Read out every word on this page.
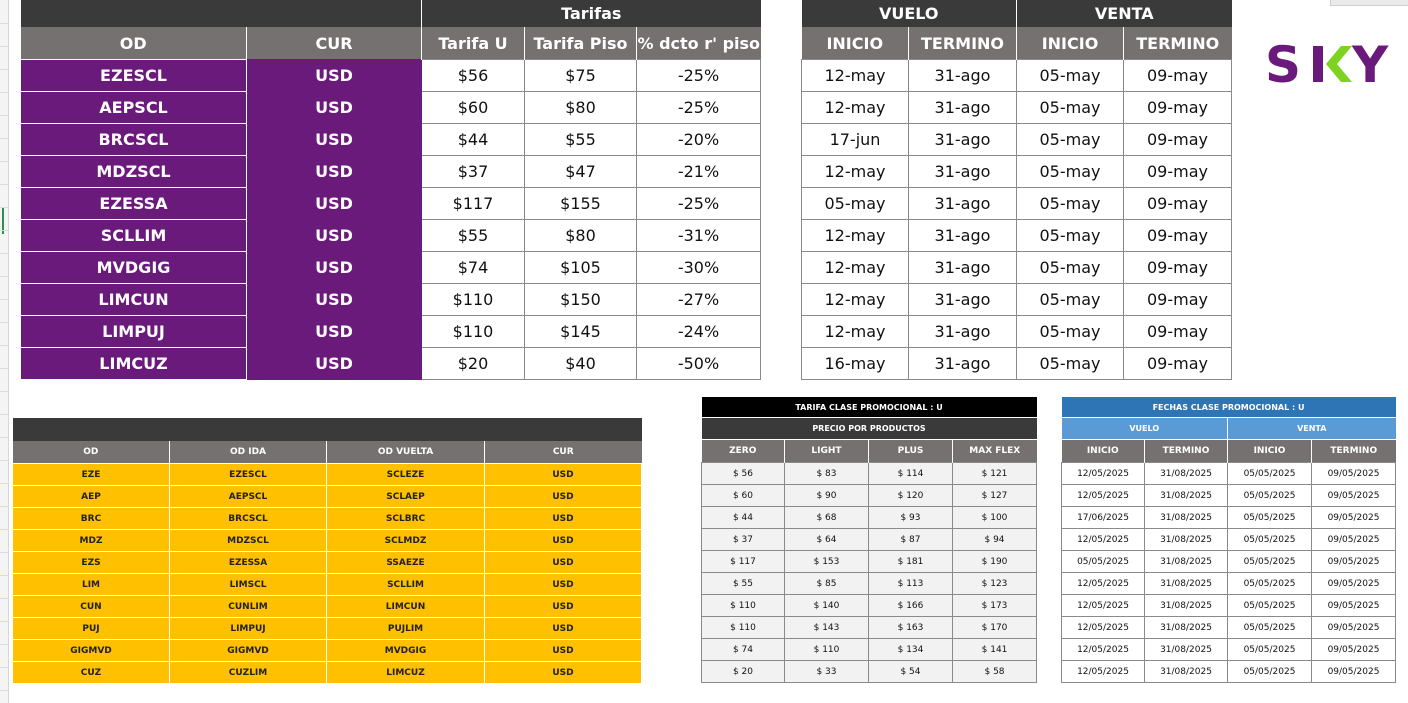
		Tarifas		
OD	CUR	Tarifa U	Tarifa Piso	% dcto r' piso
EZESCL	USD	$56	$75	-25%
AEPSCL	USD	$60	$80	-25%
BRCSCL	USD	$44	$55	-20%
MDZSCL	USD	$37	$47	-21%
EZESSA	USD	$117	$155	-25%
SCLLIM	USD	$55	$80	-31%
MVDGIG	USD	$74	$105	-30%
LIMCUN	USD	$110	$150	-27%
LIMPUJ	USD	$110	$145	-24%
LIMCUZ	USD	$20	$40	-50%
VUELO		VENTA	
INICIO	TERMINO	INICIO	TERMINO
12-may	31-ago	05-may	09-may
12-may	31-ago	05-may	09-may
17-jun	31-ago	05-may	09-may
12-may	31-ago	05-may	09-may
05-may	31-ago	05-may	09-may
12-may	31-ago	05-may	09-may
12-may	31-ago	05-may	09-may
12-may	31-ago	05-may	09-may
12-may	31-ago	05-may	09-may
16-may	31-ago	05-may	09-may
S Y

OD	OD IDA	OD VUELTA	CUR
EZE	EZESCL	SCLEZE	USD
AEP	AEPSCL	SCLAEP	USD
BRC	BRCSCL	SCLBRC	USD
MDZ	MDZSCL	SCLMDZ	USD
EZS	EZESSA	SSAEZE	USD
LIM	LIMSCL	SCLLIM	USD
CUN	CUNLIM	LIMCUN	USD
PUJ	LIMPUJ	PUJLIM	USD
GIGMVD	GIGMVD	MVDGIG	USD
CUZ	CUZLIM	LIMCUZ	USD
TARIFA CLASE PROMOCIONAL : U			
PRECIO POR PRODUCTOS			
ZERO	LIGHT	PLUS	MAX FLEX
$ 56	$ 83	$ 114	$ 121
$ 60	$ 90	$ 120	$ 127
$ 44	$ 68	$ 93	$ 100
$ 37	$ 64	$ 87	$ 94
$ 117	$ 153	$ 181	$ 190
$ 55	$ 85	$ 113	$ 123
$ 110	$ 140	$ 166	$ 173
$ 110	$ 143	$ 163	$ 170
$ 74	$ 110	$ 134	$ 141
$ 20	$ 33	$ 54	$ 58
FECHAS CLASE PROMOCIONAL : U			
VUELO		VENTA	
INICIO	TERMINO	INICIO	TERMINO
12/05/2025	31/08/2025	05/05/2025	09/05/2025
12/05/2025	31/08/2025	05/05/2025	09/05/2025
17/06/2025	31/08/2025	05/05/2025	09/05/2025
12/05/2025	31/08/2025	05/05/2025	09/05/2025
05/05/2025	31/08/2025	05/05/2025	09/05/2025
12/05/2025	31/08/2025	05/05/2025	09/05/2025
12/05/2025	31/08/2025	05/05/2025	09/05/2025
12/05/2025	31/08/2025	05/05/2025	09/05/2025
12/05/2025	31/08/2025	05/05/2025	09/05/2025
12/05/2025	31/08/2025	05/05/2025	09/05/2025
